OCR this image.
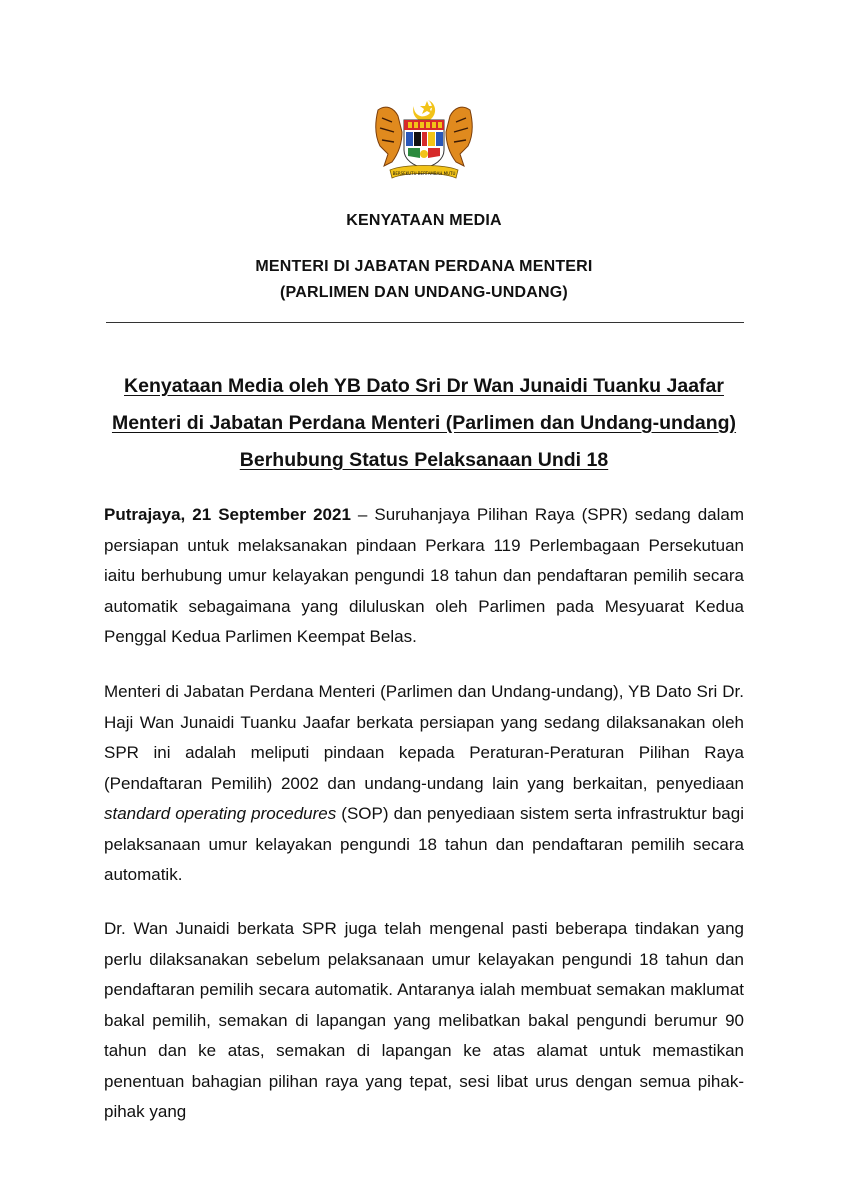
BERSEKUTU BERTAMBAH MUTU
KENYATAAN MEDIA
MENTERI DI JABATAN PERDANA MENTERI
(PARLIMEN DAN UNDANG-UNDANG)
Kenyataan Media oleh YB Dato Sri Dr Wan Junaidi Tuanku Jaafar
Menteri di Jabatan Perdana Menteri (Parlimen dan Undang-undang)
Berhubung Status Pelaksanaan Undi 18
Putrajaya, 21 September 2021 – Suruhanjaya Pilihan Raya (SPR) sedang dalam persiapan untuk melaksanakan pindaan Perkara 119 Perlembagaan Persekutuan iaitu berhubung umur kelayakan pengundi 18 tahun dan pendaftaran pemilih secara automatik sebagaimana yang diluluskan oleh Parlimen pada Mesyuarat Kedua Penggal Kedua Parlimen Keempat Belas.
Menteri di Jabatan Perdana Menteri (Parlimen dan Undang-undang), YB Dato Sri Dr. Haji Wan Junaidi Tuanku Jaafar berkata persiapan yang sedang dilaksanakan oleh SPR ini adalah meliputi pindaan kepada Peraturan-Peraturan Pilihan Raya (Pendaftaran Pemilih) 2002 dan undang-undang lain yang berkaitan, penyediaan standard operating procedures (SOP) dan penyediaan sistem serta infrastruktur bagi pelaksanaan umur kelayakan pengundi 18 tahun dan pendaftaran pemilih secara automatik.
Dr. Wan Junaidi berkata SPR juga telah mengenal pasti beberapa tindakan yang perlu dilaksanakan sebelum pelaksanaan umur kelayakan pengundi 18 tahun dan pendaftaran pemilih secara automatik. Antaranya ialah membuat semakan maklumat bakal pemilih, semakan di lapangan yang melibatkan bakal pengundi berumur 90 tahun dan ke atas, semakan di lapangan ke atas alamat untuk memastikan penentuan bahagian pilihan raya yang tepat, sesi libat urus dengan semua pihak-pihak yang
